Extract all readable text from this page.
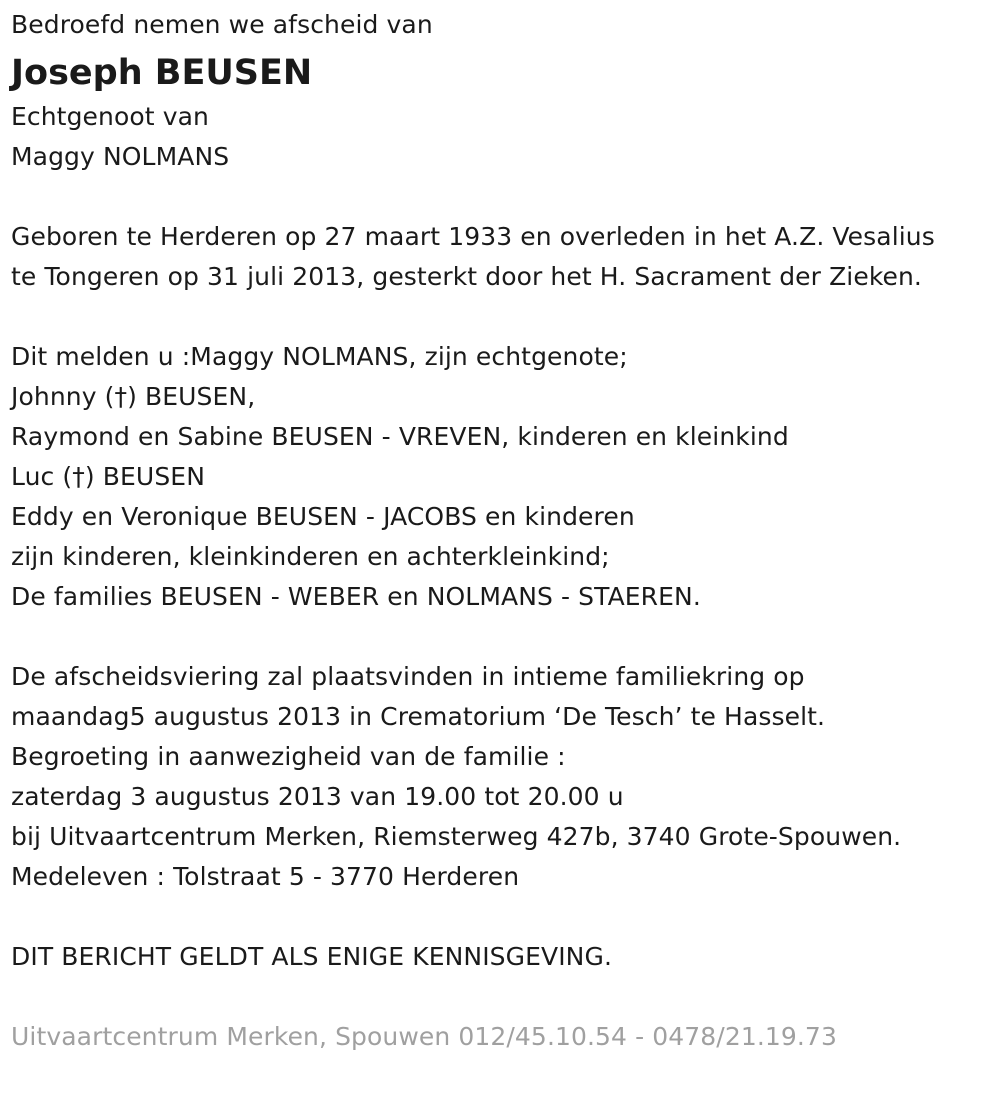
Bedroefd nemen we afscheid van
Joseph BEUSEN
Echtgenoot van
Maggy NOLMANS
Geboren te Herderen op 27 maart 1933 en overleden in het A.Z. Vesalius
te Tongeren op 31 juli 2013, gesterkt door het H. Sacrament der Zieken.
Dit melden u :Maggy NOLMANS, zijn echtgenote;
Johnny (†) BEUSEN,
Raymond en Sabine BEUSEN - VREVEN, kinderen en kleinkind
Luc (†) BEUSEN
Eddy en Veronique BEUSEN - JACOBS en kinderen
zijn kinderen, kleinkinderen en achterkleinkind;
De families BEUSEN - WEBER en NOLMANS - STAEREN.
De afscheidsviering zal plaatsvinden in intieme familiekring op
maandag5 augustus 2013 in Crematorium ‘De Tesch’ te Hasselt.
Begroeting in aanwezigheid van de familie :
zaterdag 3 augustus 2013 van 19.00 tot 20.00 u
bij Uitvaartcentrum Merken, Riemsterweg 427b, 3740 Grote-Spouwen.
Medeleven : Tolstraat 5 - 3770 Herderen
DIT BERICHT GELDT ALS ENIGE KENNISGEVING.
Uitvaartcentrum Merken, Spouwen 012/45.10.54 - 0478/21.19.73
